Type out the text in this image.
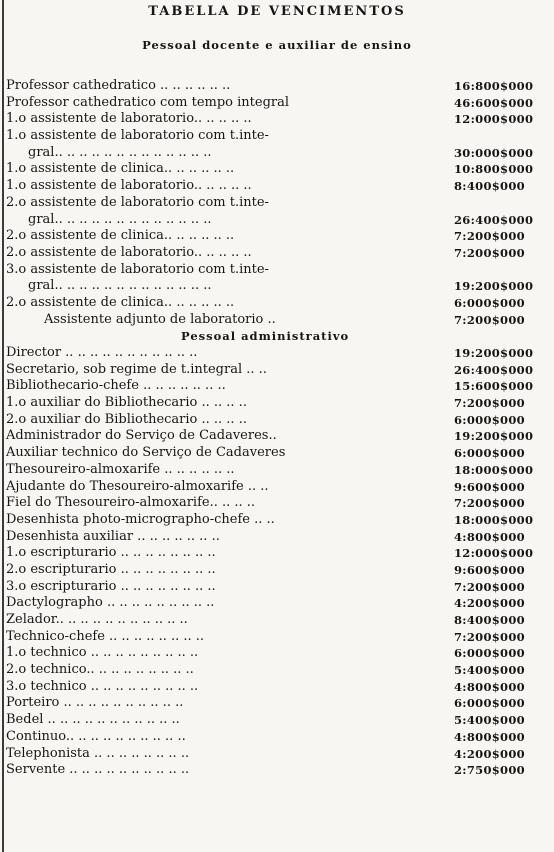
TABELLA DE VENCIMENTOS
Pessoal docente e auxiliar de ensino
Professor cathedratico .. .. .. .. .. ..	16:800$000
Professor cathedratico com tempo integral	46:600$000
1.o assistente de laboratorio.. .. .. .. ..	12:000$000
1.o assistente de laboratorio com t.inte-
gral.. .. .. .. .. .. .. .. .. .. .. .. ..	30:000$000
1.o assistente de clinica.. .. .. .. .. ..	10:800$000
1.o assistente de laboratorio.. .. .. .. ..	8:400$000
2.o assistente de laboratorio com t.inte-
gral.. .. .. .. .. .. .. .. .. .. .. .. ..	26:400$000
2.o assistente de clinica.. .. .. .. .. ..	7:200$000
2.o assistente de laboratorio.. .. .. .. ..	7:200$000
3.o assistente de laboratorio com t.inte-
gral.. .. .. .. .. .. .. .. .. .. .. .. ..	19:200$000
2.o assistente de clinica.. .. .. .. .. ..	6:000$000
Assistente adjunto de laboratorio ..	7:200$000
Pessoal administrativo
Director .. .. .. .. .. .. .. .. .. .. ..	19:200$000
Secretario, sob regime de t.integral .. ..	26:400$000
Bibliothecario-chefe .. .. .. .. .. .. ..	15:600$000
1.o auxiliar do Bibliothecario .. .. .. ..	7:200$000
2.o auxiliar do Bibliothecario .. .. .. ..	6:000$000
Administrador do Serviço de Cadaveres..	19:200$000
Auxiliar technico do Serviço de Cadaveres	6:000$000
Thesoureiro-almoxarife .. .. .. .. .. ..	18:000$000
Ajudante do Thesoureiro-almoxarife .. ..	9:600$000
Fiel do Thesoureiro-almoxarife.. .. .. ..	7:200$000
Desenhista photo-micrographo-chefe .. ..	18:000$000
Desenhista auxiliar .. .. .. .. .. .. ..	4:800$000
1.o escripturario .. .. .. .. .. .. .. ..	12:000$000
2.o escripturario .. .. .. .. .. .. .. ..	9:600$000
3.o escripturario .. .. .. .. .. .. .. ..	7:200$000
Dactylographo .. .. .. .. .. .. .. .. ..	4:200$000
Zelador.. .. .. .. .. .. .. .. .. .. ..	8:400$000
Technico-chefe .. .. .. .. .. .. .. ..	7:200$000
1.o technico .. .. .. .. .. .. .. .. ..	6:000$000
2.o technico.. .. .. .. .. .. .. .. ..	5:400$000
3.o technico .. .. .. .. .. .. .. .. ..	4:800$000
Porteiro .. .. .. .. .. .. .. .. .. ..	6:000$000
Bedel .. .. .. .. .. .. .. .. .. .. ..	5:400$000
Continuo.. .. .. .. .. .. .. .. .. ..	4:800$000
Telephonista .. .. .. .. .. .. .. ..	4:200$000
Servente .. .. .. .. .. .. .. .. .. ..	2:750$000
